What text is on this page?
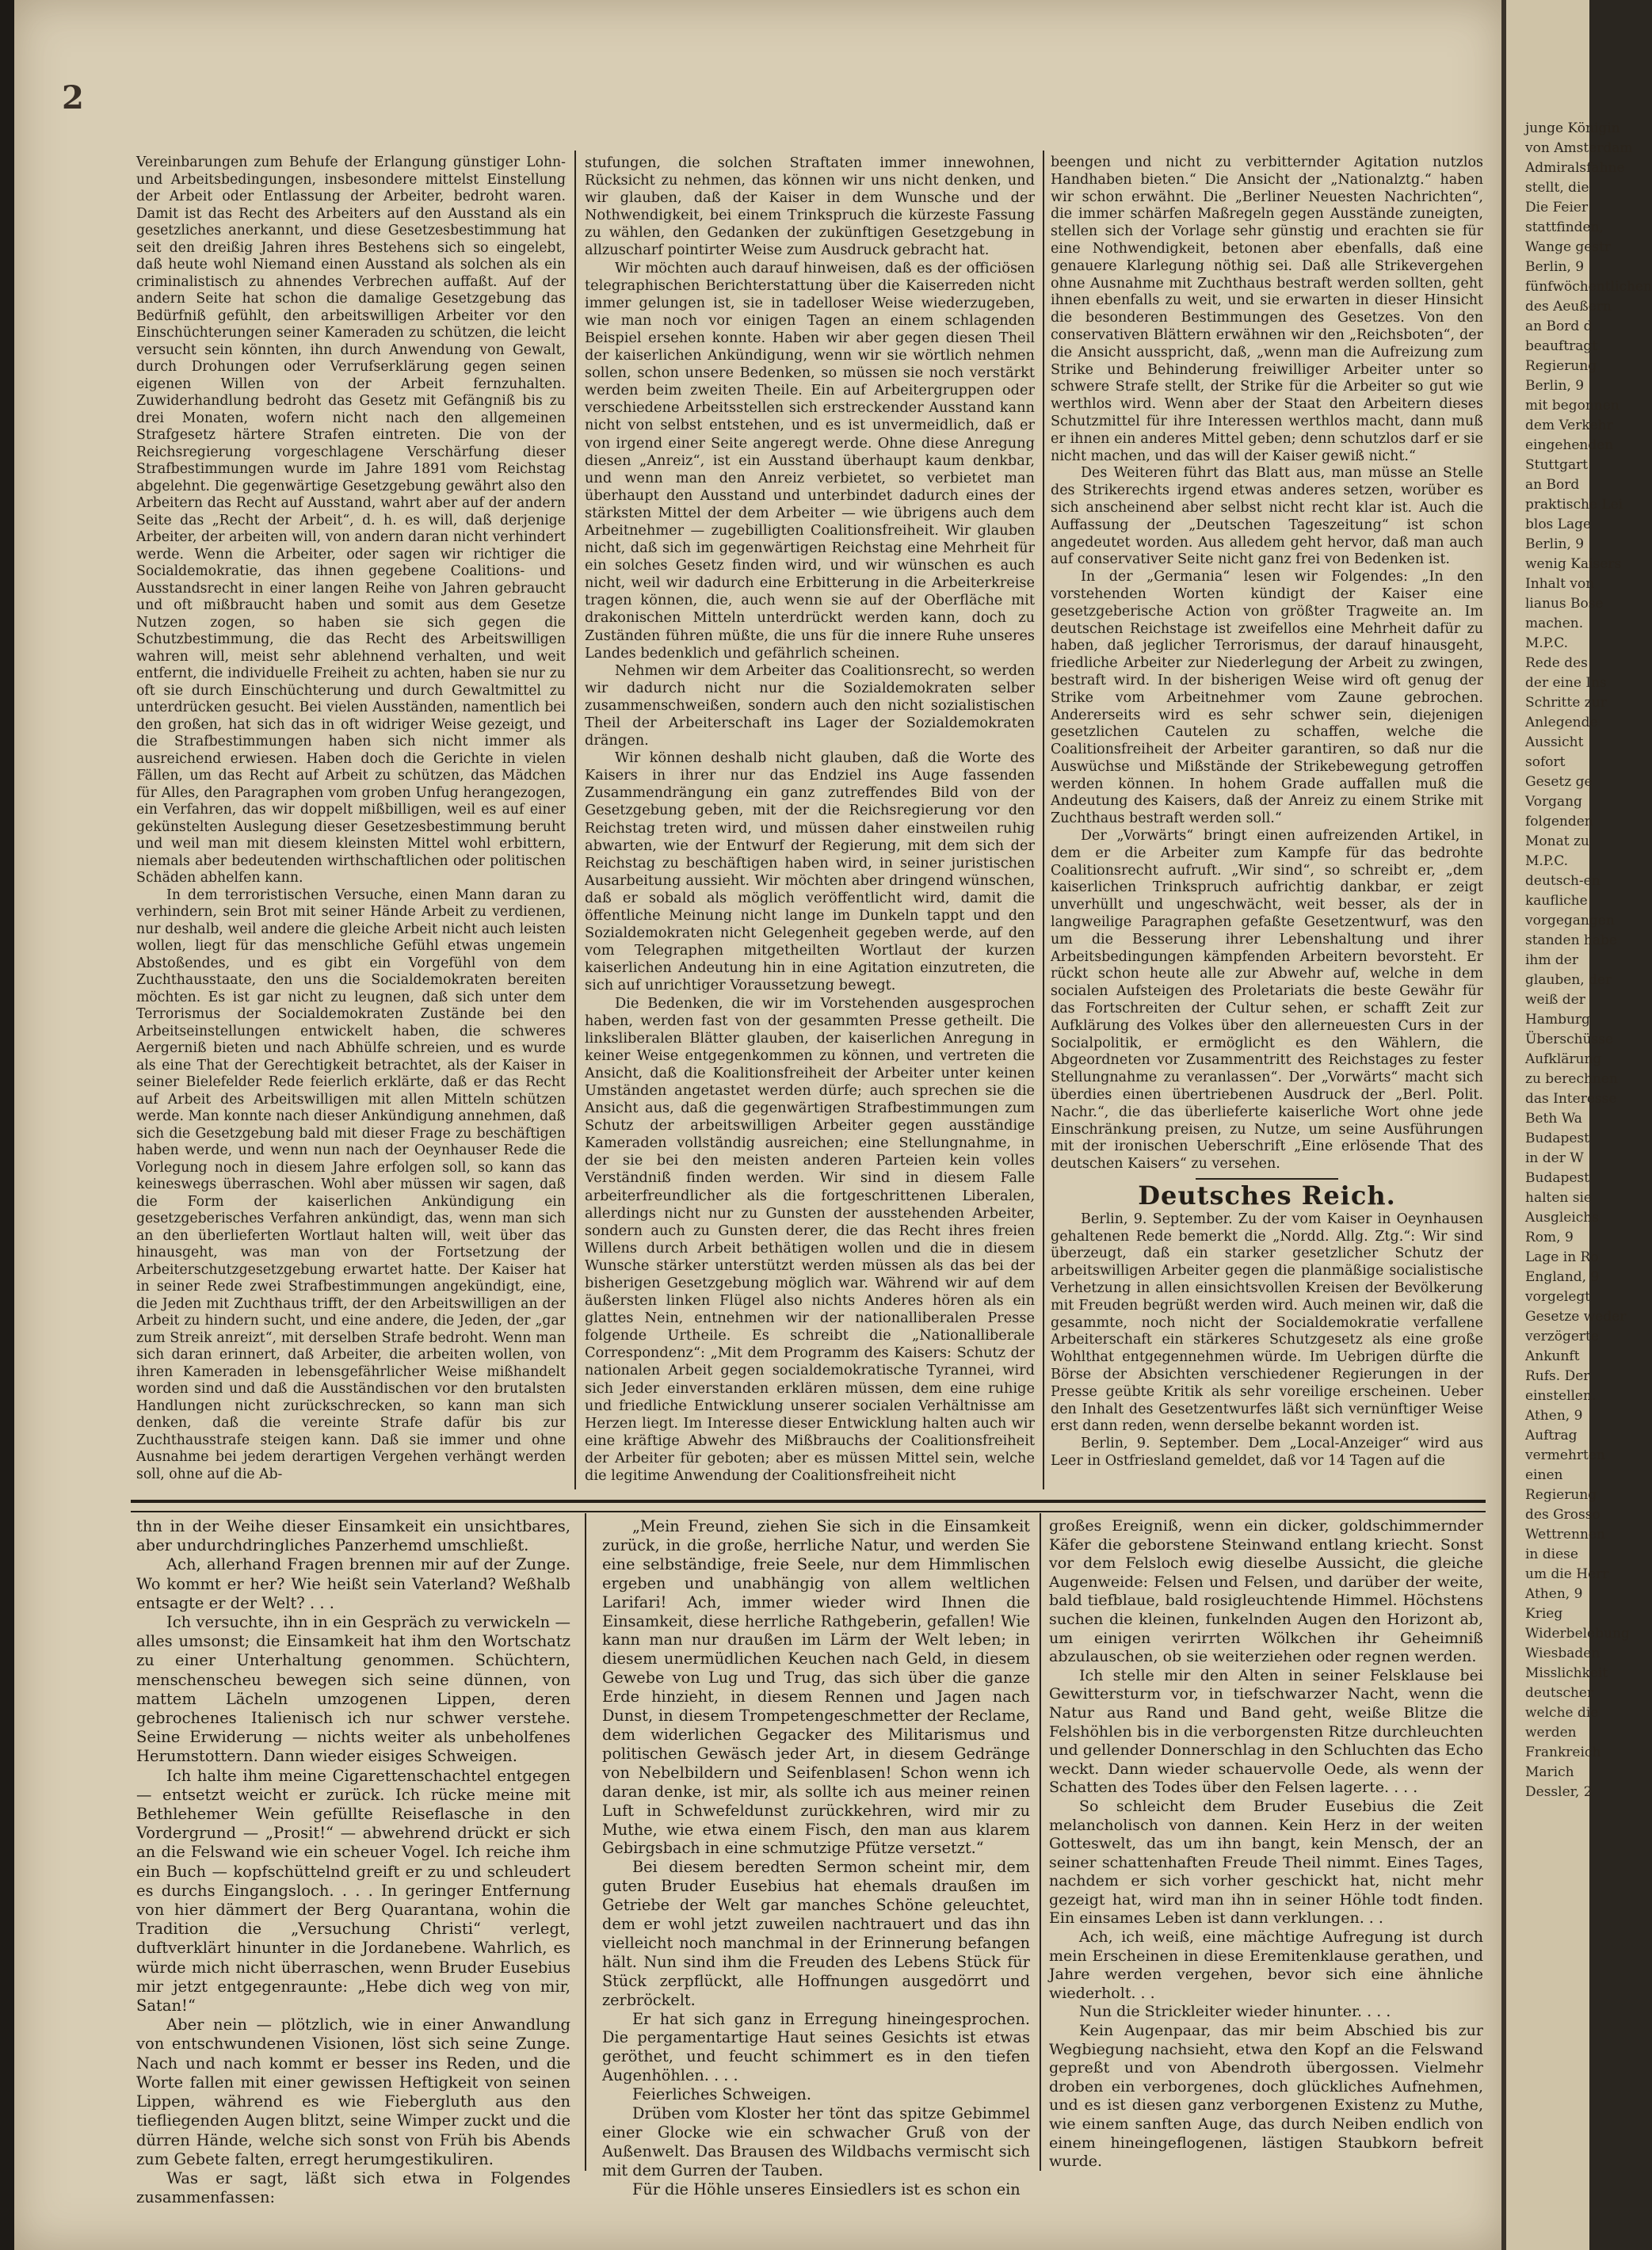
2
junge Königin
von Amsterdam
Admiralsfahne
stellt, die
Die Feier
stattfinden,
Wange gestr
Berlin, 9
fünfwöchentlichen
des Aeußern
an Bord d
beauftragt
Regierung
Berlin, 9
mit begonnen
dem Verkehr
eingehenden
Stuttgart
an Bord
praktische Lei
blos Lage
Berlin, 9
wenig Kaisers
Inhalt von
lianus Bose
machen.
M.P.C.
Rede des
der eine Ins
Schritte zur
Anlegende
Aussicht
sofort
Gesetz ge
Vorgang
folgenden
Monat zu
M.P.C.
deutsch-en
kaufliche
vorgegangen
standen habe
ihm der
glauben, der
weiß der
Hamburg
Überschüsse
Aufklärung
zu berechnen
das Interesse
Beth Wa
Budapest
in der W
Budapest
halten sie
Ausgleichs
Rom, 9
Lage in Ro
England, 9
vorgelegt
Gesetze weder
verzögerte
Ankunft
Rufs. Der
einstellen.
Athen, 9
Auftrag
vermehrten
einen
Regierung
des Grosso
Wettrennen
in diese
um die Herr
Athen, 9
Krieg
Widerbelebung
Wiesbaden
Misslichkeit
deutscher
welche die
werden
Frankreich
Marich
Dessler, 2

Vereinbarungen zum Behufe der Erlangung günstiger Lohn- und Arbeitsbedingungen, insbesondere mittelst Einstellung der Arbeit oder Entlassung der Arbeiter, bedroht waren. Damit ist das Recht des Arbeiters auf den Ausstand als ein gesetzliches anerkannt, und diese Gesetzesbestimmung hat seit den dreißig Jahren ihres Bestehens sich so eingelebt, daß heute wohl Niemand einen Ausstand als solchen als ein criminalistisch zu ahnendes Verbrechen auffaßt. Auf der andern Seite hat schon die damalige Gesetzgebung das Bedürfniß gefühlt, den arbeitswilligen Arbeiter vor den Einschüchterungen seiner Kameraden zu schützen, die leicht versucht sein könnten, ihn durch Anwendung von Gewalt, durch Drohungen oder Verrufserklärung gegen seinen eigenen Willen von der Arbeit fernzuhalten. Zuwiderhandlung bedroht das Gesetz mit Gefängniß bis zu drei Monaten, wofern nicht nach den allgemeinen Strafgesetz härtere Strafen eintreten. Die von der Reichsregierung vorgeschlagene Verschärfung dieser Strafbestimmungen wurde im Jahre 1891 vom Reichstag abgelehnt. Die gegenwärtige Gesetzgebung gewährt also den Arbeitern das Recht auf Ausstand, wahrt aber auf der andern Seite das „Recht der Arbeit“, d. h. es will, daß derjenige Arbeiter, der arbeiten will, von andern daran nicht verhindert werde. Wenn die Arbeiter, oder sagen wir richtiger die Socialdemokratie, das ihnen gegebene Coalitions- und Ausstandsrecht in einer langen Reihe von Jahren gebraucht und oft mißbraucht haben und somit aus dem Gesetze Nutzen zogen, so haben sie sich gegen die Schutzbestimmung, die das Recht des Arbeitswilligen wahren will, meist sehr ablehnend verhalten, und weit entfernt, die individuelle Freiheit zu achten, haben sie nur zu oft sie durch Einschüchterung und durch Gewaltmittel zu unterdrücken gesucht. Bei vielen Ausständen, namentlich bei den großen, hat sich das in oft widriger Weise gezeigt, und die Strafbestimmungen haben sich nicht immer als ausreichend erwiesen. Haben doch die Gerichte in vielen Fällen, um das Recht auf Arbeit zu schützen, das Mädchen für Alles, den Paragraphen vom groben Unfug herangezogen, ein Verfahren, das wir doppelt mißbilligen, weil es auf einer gekünstelten Auslegung dieser Gesetzesbestimmung beruht und weil man mit diesem kleinsten Mittel wohl erbittern, niemals aber bedeutenden wirthschaftlichen oder politischen Schäden abhelfen kann.

In dem terroristischen Versuche, einen Mann daran zu verhindern, sein Brot mit seiner Hände Arbeit zu verdienen, nur deshalb, weil andere die gleiche Arbeit nicht auch leisten wollen, liegt für das menschliche Gefühl etwas ungemein Abstoßendes, und es gibt ein Vorgefühl von dem Zuchthausstaate, den uns die Socialdemokraten bereiten möchten. Es ist gar nicht zu leugnen, daß sich unter dem Terrorismus der Socialdemokraten Zustände bei den Arbeitseinstellungen entwickelt haben, die schweres Aergerniß bieten und nach Abhülfe schreien, und es wurde als eine That der Gerechtigkeit betrachtet, als der Kaiser in seiner Bielefelder Rede feierlich erklärte, daß er das Recht auf Arbeit des Arbeitswilligen mit allen Mitteln schützen werde. Man konnte nach dieser Ankündigung annehmen, daß sich die Gesetzgebung bald mit dieser Frage zu beschäftigen haben werde, und wenn nun nach der Oeynhauser Rede die Vorlegung noch in diesem Jahre erfolgen soll, so kann das keineswegs überraschen. Wohl aber müssen wir sagen, daß die Form der kaiserlichen Ankündigung ein gesetzgeberisches Verfahren ankündigt, das, wenn man sich an den überlieferten Wortlaut halten will, weit über das hinausgeht, was man von der Fortsetzung der Arbeiterschutzgesetzgebung erwartet hatte. Der Kaiser hat in seiner Rede zwei Strafbestimmungen angekündigt, eine, die Jeden mit Zuchthaus trifft, der den Arbeitswilligen an der Arbeit zu hindern sucht, und eine andere, die Jeden, der „gar zum Streik anreizt“, mit derselben Strafe bedroht. Wenn man sich daran erinnert, daß Arbeiter, die arbeiten wollen, von ihren Kameraden in lebensgefährlicher Weise mißhandelt worden sind und daß die Ausständischen vor den brutalsten Handlungen nicht zurückschrecken, so kann man sich denken, daß die vereinte Strafe dafür bis zur Zuchthausstrafe steigen kann. Daß sie immer und ohne Ausnahme bei jedem derartigen Vergehen verhängt werden soll, ohne auf die Ab-

stufungen, die solchen Straftaten immer innewohnen, Rücksicht zu nehmen, das können wir uns nicht denken, und wir glauben, daß der Kaiser in dem Wunsche und der Nothwendigkeit, bei einem Trinkspruch die kürzeste Fassung zu wählen, den Gedanken der zukünftigen Gesetzgebung in allzuscharf pointirter Weise zum Ausdruck gebracht hat.

Wir möchten auch darauf hinweisen, daß es der officiösen telegraphischen Berichterstattung über die Kaiserreden nicht immer gelungen ist, sie in tadelloser Weise wiederzugeben, wie man noch vor einigen Tagen an einem schlagenden Beispiel ersehen konnte. Haben wir aber gegen diesen Theil der kaiserlichen Ankündigung, wenn wir sie wörtlich nehmen sollen, schon unsere Bedenken, so müssen sie noch verstärkt werden beim zweiten Theile. Ein auf Arbeitergruppen oder verschiedene Arbeitsstellen sich erstreckender Ausstand kann nicht von selbst entstehen, und es ist unvermeidlich, daß er von irgend einer Seite angeregt werde. Ohne diese Anregung diesen „Anreiz“, ist ein Ausstand überhaupt kaum denkbar, und wenn man den Anreiz verbietet, so verbietet man überhaupt den Ausstand und unterbindet dadurch eines der stärksten Mittel der dem Arbeiter — wie übrigens auch dem Arbeitnehmer — zugebilligten Coalitionsfreiheit. Wir glauben nicht, daß sich im gegenwärtigen Reichstag eine Mehrheit für ein solches Gesetz finden wird, und wir wünschen es auch nicht, weil wir dadurch eine Erbitterung in die Arbeiterkreise tragen können, die, auch wenn sie auf der Oberfläche mit drakonischen Mitteln unterdrückt werden kann, doch zu Zuständen führen müßte, die uns für die innere Ruhe unseres Landes bedenklich und gefährlich scheinen.

Nehmen wir dem Arbeiter das Coalitionsrecht, so werden wir dadurch nicht nur die Sozialdemokraten selber zusammenschweißen, sondern auch den nicht sozialistischen Theil der Arbeiterschaft ins Lager der Sozialdemokraten drängen.

Wir können deshalb nicht glauben, daß die Worte des Kaisers in ihrer nur das Endziel ins Auge fassenden Zusammendrängung ein ganz zutreffendes Bild von der Gesetzgebung geben, mit der die Reichsregierung vor den Reichstag treten wird, und müssen daher einstweilen ruhig abwarten, wie der Entwurf der Regierung, mit dem sich der Reichstag zu beschäftigen haben wird, in seiner juristischen Ausarbeitung aussieht. Wir möchten aber dringend wünschen, daß er sobald als möglich veröffentlicht wird, damit die öffentliche Meinung nicht lange im Dunkeln tappt und den Sozialdemokraten nicht Gelegenheit gegeben werde, auf den vom Telegraphen mitgetheilten Wortlaut der kurzen kaiserlichen Andeutung hin in eine Agitation einzutreten, die sich auf unrichtiger Voraussetzung bewegt.

Die Bedenken, die wir im Vorstehenden ausgesprochen haben, werden fast von der gesammten Presse getheilt. Die linksliberalen Blätter glauben, der kaiserlichen Anregung in keiner Weise entgegenkommen zu können, und vertreten die Ansicht, daß die Koalitionsfreiheit der Arbeiter unter keinen Umständen angetastet werden dürfe; auch sprechen sie die Ansicht aus, daß die gegenwärtigen Strafbestimmungen zum Schutz der arbeitswilligen Arbeiter gegen ausständige Kameraden vollständig ausreichen; eine Stellungnahme, in der sie bei den meisten anderen Parteien kein volles Verständniß finden werden. Wir sind in diesem Falle arbeiterfreundlicher als die fortgeschrittenen Liberalen, allerdings nicht nur zu Gunsten der ausstehenden Arbeiter, sondern auch zu Gunsten derer, die das Recht ihres freien Willens durch Arbeit bethätigen wollen und die in diesem Wunsche stärker unterstützt werden müssen als das bei der bisherigen Gesetzgebung möglich war. Während wir auf dem äußersten linken Flügel also nichts Anderes hören als ein glattes Nein, entnehmen wir der nationalliberalen Presse folgende Urtheile. Es schreibt die „Nationalliberale Correspondenz“: „Mit dem Programm des Kaisers: Schutz der nationalen Arbeit gegen socialdemokratische Tyrannei, wird sich Jeder einverstanden erklären müssen, dem eine ruhige und friedliche Entwicklung unserer socialen Verhältnisse am Herzen liegt. Im Interesse dieser Entwicklung halten auch wir eine kräftige Abwehr des Mißbrauchs der Coalitionsfreiheit der Arbeiter für geboten; aber es müssen Mittel sein, welche die legitime Anwendung der Coalitionsfreiheit nicht

beengen und nicht zu verbitternder Agitation nutzlos Handhaben bieten.“ Die Ansicht der „Nationalztg.“ haben wir schon erwähnt. Die „Berliner Neuesten Nachrichten“, die immer schärfen Maßregeln gegen Ausstände zuneigten, stellen sich der Vorlage sehr günstig und erachten sie für eine Nothwendigkeit, betonen aber ebenfalls, daß eine genauere Klarlegung nöthig sei. Daß alle Strikevergehen ohne Ausnahme mit Zuchthaus bestraft werden sollten, geht ihnen ebenfalls zu weit, und sie erwarten in dieser Hinsicht die besonderen Bestimmungen des Gesetzes. Von den conservativen Blättern erwähnen wir den „Reichsboten“, der die Ansicht ausspricht, daß, „wenn man die Aufreizung zum Strike und Behinderung freiwilliger Arbeiter unter so schwere Strafe stellt, der Strike für die Arbeiter so gut wie werthlos wird. Wenn aber der Staat den Arbeitern dieses Schutzmittel für ihre Interessen werthlos macht, dann muß er ihnen ein anderes Mittel geben; denn schutzlos darf er sie nicht machen, und das will der Kaiser gewiß nicht.“

Des Weiteren führt das Blatt aus, man müsse an Stelle des Strikerechts irgend etwas anderes setzen, worüber es sich anscheinend aber selbst nicht recht klar ist. Auch die Auffassung der „Deutschen Tageszeitung“ ist schon angedeutet worden. Aus alledem geht hervor, daß man auch auf conservativer Seite nicht ganz frei von Bedenken ist.

In der „Germania“ lesen wir Folgendes: „In den vorstehenden Worten kündigt der Kaiser eine gesetzgeberische Action von größter Tragweite an. Im deutschen Reichstage ist zweifellos eine Mehrheit dafür zu haben, daß jeglicher Terrorismus, der darauf hinausgeht, friedliche Arbeiter zur Niederlegung der Arbeit zu zwingen, bestraft wird. In der bisherigen Weise wird oft genug der Strike vom Arbeitnehmer vom Zaune gebrochen. Andererseits wird es sehr schwer sein, diejenigen gesetzlichen Cautelen zu schaffen, welche die Coalitionsfreiheit der Arbeiter garantiren, so daß nur die Auswüchse und Mißstände der Strikebewegung getroffen werden können. In hohem Grade auffallen muß die Andeutung des Kaisers, daß der Anreiz zu einem Strike mit Zuchthaus bestraft werden soll.“

Der „Vorwärts“ bringt einen aufreizenden Artikel, in dem er die Arbeiter zum Kampfe für das bedrohte Coalitionsrecht aufruft. „Wir sind“, so schreibt er, „dem kaiserlichen Trinkspruch aufrichtig dankbar, er zeigt unverhüllt und ungeschwächt, weit besser, als der in langweilige Paragraphen gefaßte Gesetzentwurf, was den um die Besserung ihrer Lebenshaltung und ihrer Arbeitsbedingungen kämpfenden Arbeitern bevorsteht. Er rückt schon heute alle zur Abwehr auf, welche in dem socialen Aufsteigen des Proletariats die beste Gewähr für das Fortschreiten der Cultur sehen, er schafft Zeit zur Aufklärung des Volkes über den allerneuesten Curs in der Socialpolitik, er ermöglicht es den Wählern, die Abgeordneten vor Zusammentritt des Reichstages zu fester Stellungnahme zu veranlassen“. Der „Vorwärts“ macht sich überdies einen übertriebenen Ausdruck der „Berl. Polit. Nachr.“, die das überlieferte kaiserliche Wort ohne jede Einschränkung preisen, zu Nutze, um seine Ausführungen mit der ironischen Ueberschrift „Eine erlösende That des deutschen Kaisers“ zu versehen.

Deutsches Reich.

Berlin, 9. September. Zu der vom Kaiser in Oeynhausen gehaltenen Rede bemerkt die „Nordd. Allg. Ztg.“: Wir sind überzeugt, daß ein starker gesetzlicher Schutz der arbeitswilligen Arbeiter gegen die planmäßige socialistische Verhetzung in allen einsichtsvollen Kreisen der Bevölkerung mit Freuden begrüßt werden wird. Auch meinen wir, daß die gesammte, noch nicht der Socialdemokratie verfallene Arbeiterschaft ein stärkeres Schutzgesetz als eine große Wohlthat entgegennehmen würde. Im Uebrigen dürfte die Börse der Absichten verschiedener Regierungen in der Presse geübte Kritik als sehr voreilige erscheinen. Ueber den Inhalt des Gesetzentwurfes läßt sich vernünftiger Weise erst dann reden, wenn derselbe bekannt worden ist.

Berlin, 9. September. Dem „Local-Anzeiger“ wird aus Leer in Ostfriesland gemeldet, daß vor 14 Tagen auf die

thn in der Weihe dieser Einsamkeit ein unsichtbares, aber undurchdringliches Panzerhemd umschließt.

Ach, allerhand Fragen brennen mir auf der Zunge. Wo kommt er her? Wie heißt sein Vaterland? Weßhalb entsagte er der Welt? . . .

Ich versuchte, ihn in ein Gespräch zu verwickeln — alles umsonst; die Einsamkeit hat ihm den Wortschatz zu einer Unterhaltung genommen. Schüchtern, menschenscheu bewegen sich seine dünnen, von mattem Lächeln umzogenen Lippen, deren gebrochenes Italienisch ich nur schwer verstehe. Seine Erwiderung — nichts weiter als unbeholfenes Herumstottern. Dann wieder eisiges Schweigen.

Ich halte ihm meine Cigarettenschachtel entgegen — entsetzt weicht er zurück. Ich rücke meine mit Bethlehemer Wein gefüllte Reiseflasche in den Vordergrund — „Prosit!“ — abwehrend drückt er sich an die Felswand wie ein scheuer Vogel. Ich reiche ihm ein Buch — kopfschüttelnd greift er zu und schleudert es durchs Eingangsloch. . . . In geringer Entfernung von hier dämmert der Berg Quarantana, wohin die Tradition die „Versuchung Christi“ verlegt, duftverklärt hinunter in die Jordanebene. Wahrlich, es würde mich nicht überraschen, wenn Bruder Eusebius mir jetzt entgegenraunte: „Hebe dich weg von mir, Satan!“

Aber nein — plötzlich, wie in einer Anwandlung von entschwundenen Visionen, löst sich seine Zunge. Nach und nach kommt er besser ins Reden, und die Worte fallen mit einer gewissen Heftigkeit von seinen Lippen, während es wie Fiebergluth aus den tiefliegenden Augen blitzt, seine Wimper zuckt und die dürren Hände, welche sich sonst von Früh bis Abends zum Gebete falten, erregt herumgestikuliren.

Was er sagt, läßt sich etwa in Folgendes zusammenfassen:

„Mein Freund, ziehen Sie sich in die Einsamkeit zurück, in die große, herrliche Natur, und werden Sie eine selbständige, freie Seele, nur dem Himmlischen ergeben und unabhängig von allem weltlichen Larifari! Ach, immer wieder wird Ihnen die Einsamkeit, diese herrliche Rathgeberin, gefallen! Wie kann man nur draußen im Lärm der Welt leben; in diesem unermüdlichen Keuchen nach Geld, in diesem Gewebe von Lug und Trug, das sich über die ganze Erde hinzieht, in diesem Rennen und Jagen nach Dunst, in diesem Trompetengeschmetter der Reclame, dem widerlichen Gegacker des Militarismus und politischen Gewäsch jeder Art, in diesem Gedränge von Nebelbildern und Seifenblasen! Schon wenn ich daran denke, ist mir, als sollte ich aus meiner reinen Luft in Schwefeldunst zurückkehren, wird mir zu Muthe, wie etwa einem Fisch, den man aus klarem Gebirgsbach in eine schmutzige Pfütze versetzt.“

Bei diesem beredten Sermon scheint mir, dem guten Bruder Eusebius hat ehemals draußen im Getriebe der Welt gar manches Schöne geleuchtet, dem er wohl jetzt zuweilen nachtrauert und das ihn vielleicht noch manchmal in der Erinnerung befangen hält. Nun sind ihm die Freuden des Lebens Stück für Stück zerpflückt, alle Hoffnungen ausgedörrt und zerbröckelt.

Er hat sich ganz in Erregung hineingesprochen. Die pergamentartige Haut seines Gesichts ist etwas geröthet, und feucht schimmert es in den tiefen Augenhöhlen. . . .

Feierliches Schweigen.

Drüben vom Kloster her tönt das spitze Gebimmel einer Glocke wie ein schwacher Gruß von der Außenwelt. Das Brausen des Wildbachs vermischt sich mit dem Gurren der Tauben.

Für die Höhle unseres Einsiedlers ist es schon ein

großes Ereigniß, wenn ein dicker, goldschimmernder Käfer die geborstene Steinwand entlang kriecht. Sonst vor dem Felsloch ewig dieselbe Aussicht, die gleiche Augenweide: Felsen und Felsen, und darüber der weite, bald tiefblaue, bald rosigleuchtende Himmel. Höchstens suchen die kleinen, funkelnden Augen den Horizont ab, um einigen verirrten Wölkchen ihr Geheimniß abzulauschen, ob sie weiterziehen oder regnen werden.

Ich stelle mir den Alten in seiner Felsklause bei Gewittersturm vor, in tiefschwarzer Nacht, wenn die Natur aus Rand und Band geht, weiße Blitze die Felshöhlen bis in die verborgensten Ritze durchleuchten und gellender Donnerschlag in den Schluchten das Echo weckt. Dann wieder schauervolle Oede, als wenn der Schatten des Todes über den Felsen lagerte. . . .

So schleicht dem Bruder Eusebius die Zeit melancholisch von dannen. Kein Herz in der weiten Gotteswelt, das um ihn bangt, kein Mensch, der an seiner schattenhaften Freude Theil nimmt. Eines Tages, nachdem er sich vorher geschickt hat, nicht mehr gezeigt hat, wird man ihn in seiner Höhle todt finden. Ein einsames Leben ist dann verklungen. . .

Ach, ich weiß, eine mächtige Aufregung ist durch mein Erscheinen in diese Eremitenklause gerathen, und Jahre werden vergehen, bevor sich eine ähnliche wiederholt. . .

Nun die Strickleiter wieder hinunter. . . .

Kein Augenpaar, das mir beim Abschied bis zur Wegbiegung nachsieht, etwa den Kopf an die Felswand gepreßt und von Abendroth übergossen. Vielmehr droben ein verborgenes, doch glückliches Aufnehmen, und es ist diesen ganz verborgenen Existenz zu Muthe, wie einem sanften Auge, das durch Neiben endlich von einem hineingeflogenen, lästigen Staubkorn befreit wurde.
